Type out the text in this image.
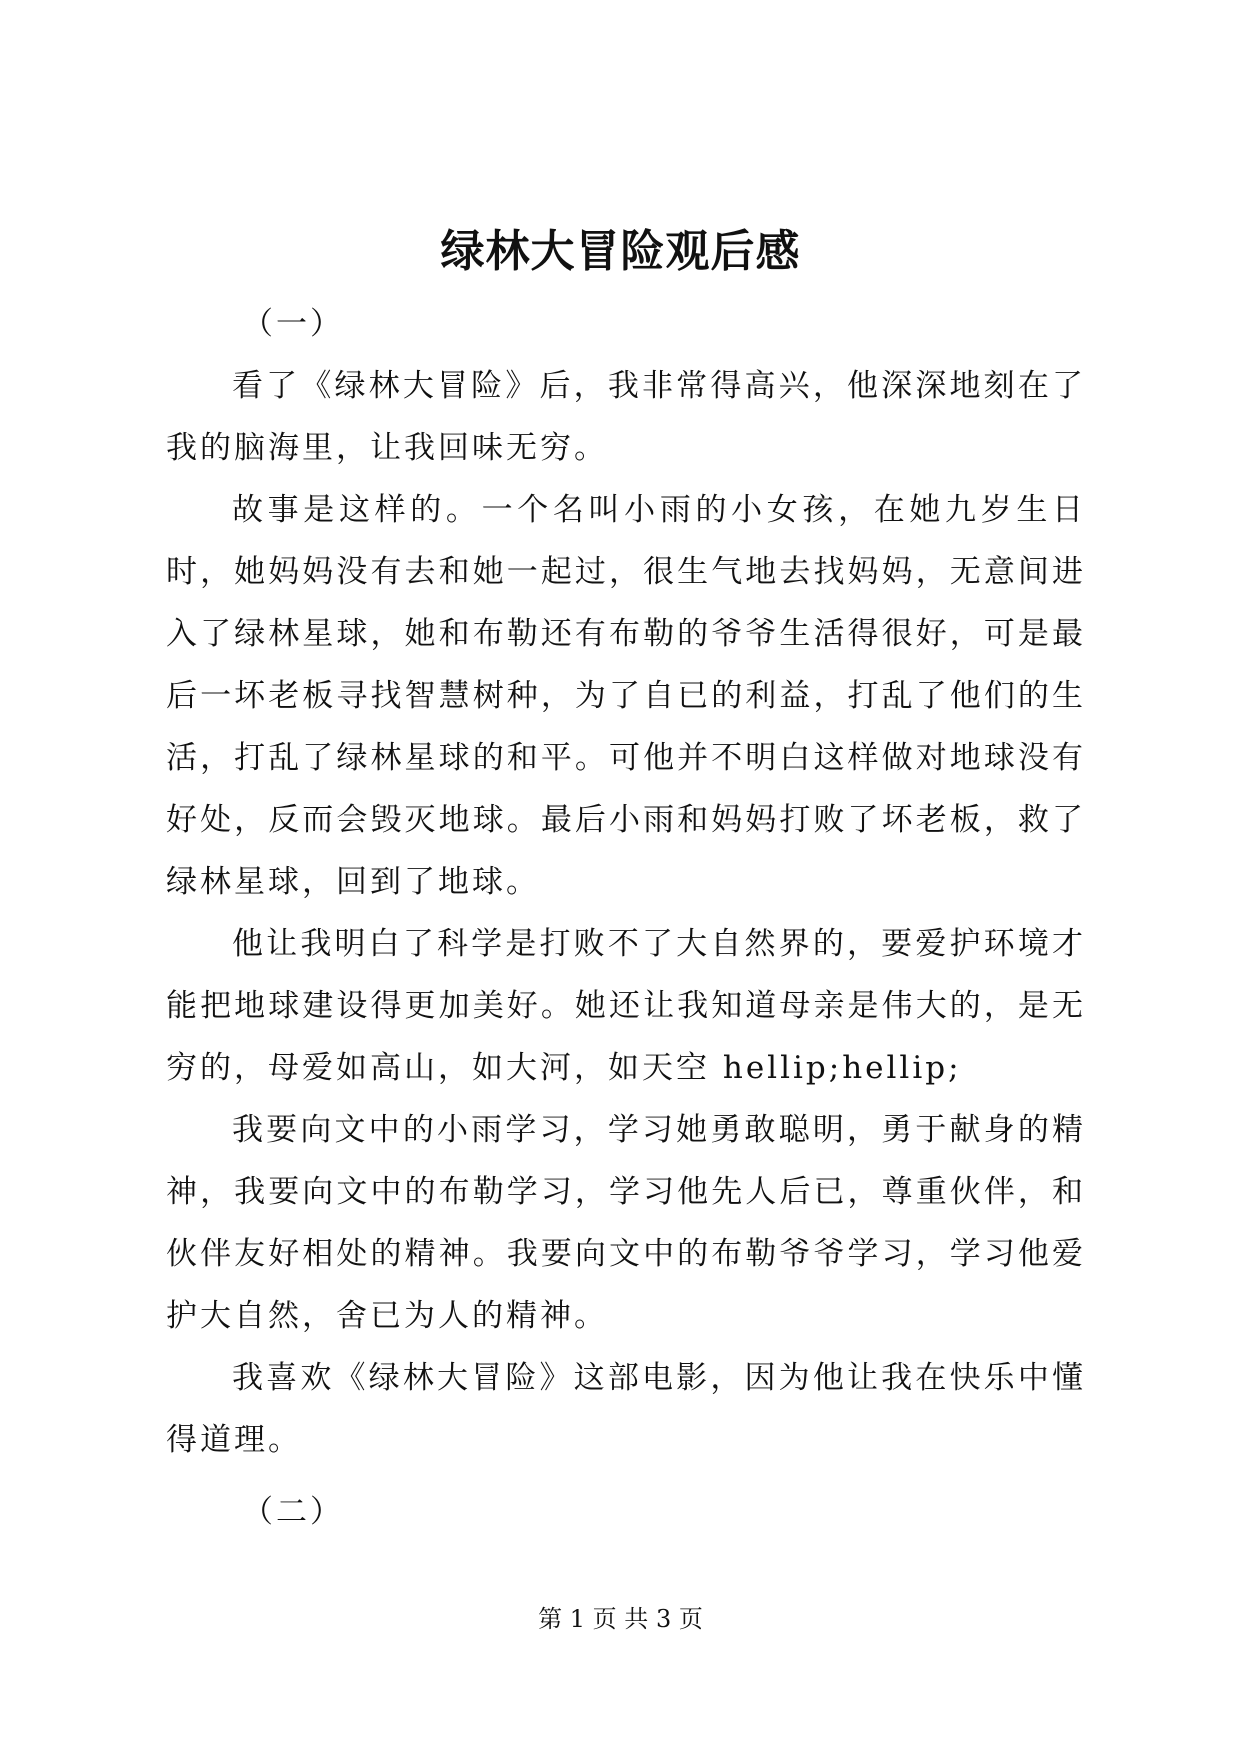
绿林大冒险观后感

（一）

看了《绿林大冒险》后，我非常得高兴，他深深地刻在了我的脑海里，让我回味无穷。

故事是这样的。一个名叫小雨的小女孩，在她九岁生日时，她妈妈没有去和她一起过，很生气地去找妈妈，无意间进入了绿林星球，她和布勒还有布勒的爷爷生活得很好，可是最后一坏老板寻找智慧树种，为了自已的利益，打乱了他们的生活，打乱了绿林星球的和平。可他并不明白这样做对地球没有好处，反而会毁灭地球。最后小雨和妈妈打败了坏老板，救了绿林星球，回到了地球。

他让我明白了科学是打败不了大自然界的，要爱护环境才能把地球建设得更加美好。她还让我知道母亲是伟大的，是无穷的，母爱如高山，如大河，如天空 hellip;hellip;

我要向文中的小雨学习，学习她勇敢聪明，勇于献身的精神，我要向文中的布勒学习，学习他先人后已，尊重伙伴，和伙伴友好相处的精神。我要向文中的布勒爷爷学习，学习他爱护大自然，舍已为人的精神。

我喜欢《绿林大冒险》这部电影，因为他让我在快乐中懂得道理。

（二）

第 1 页 共 3 页
